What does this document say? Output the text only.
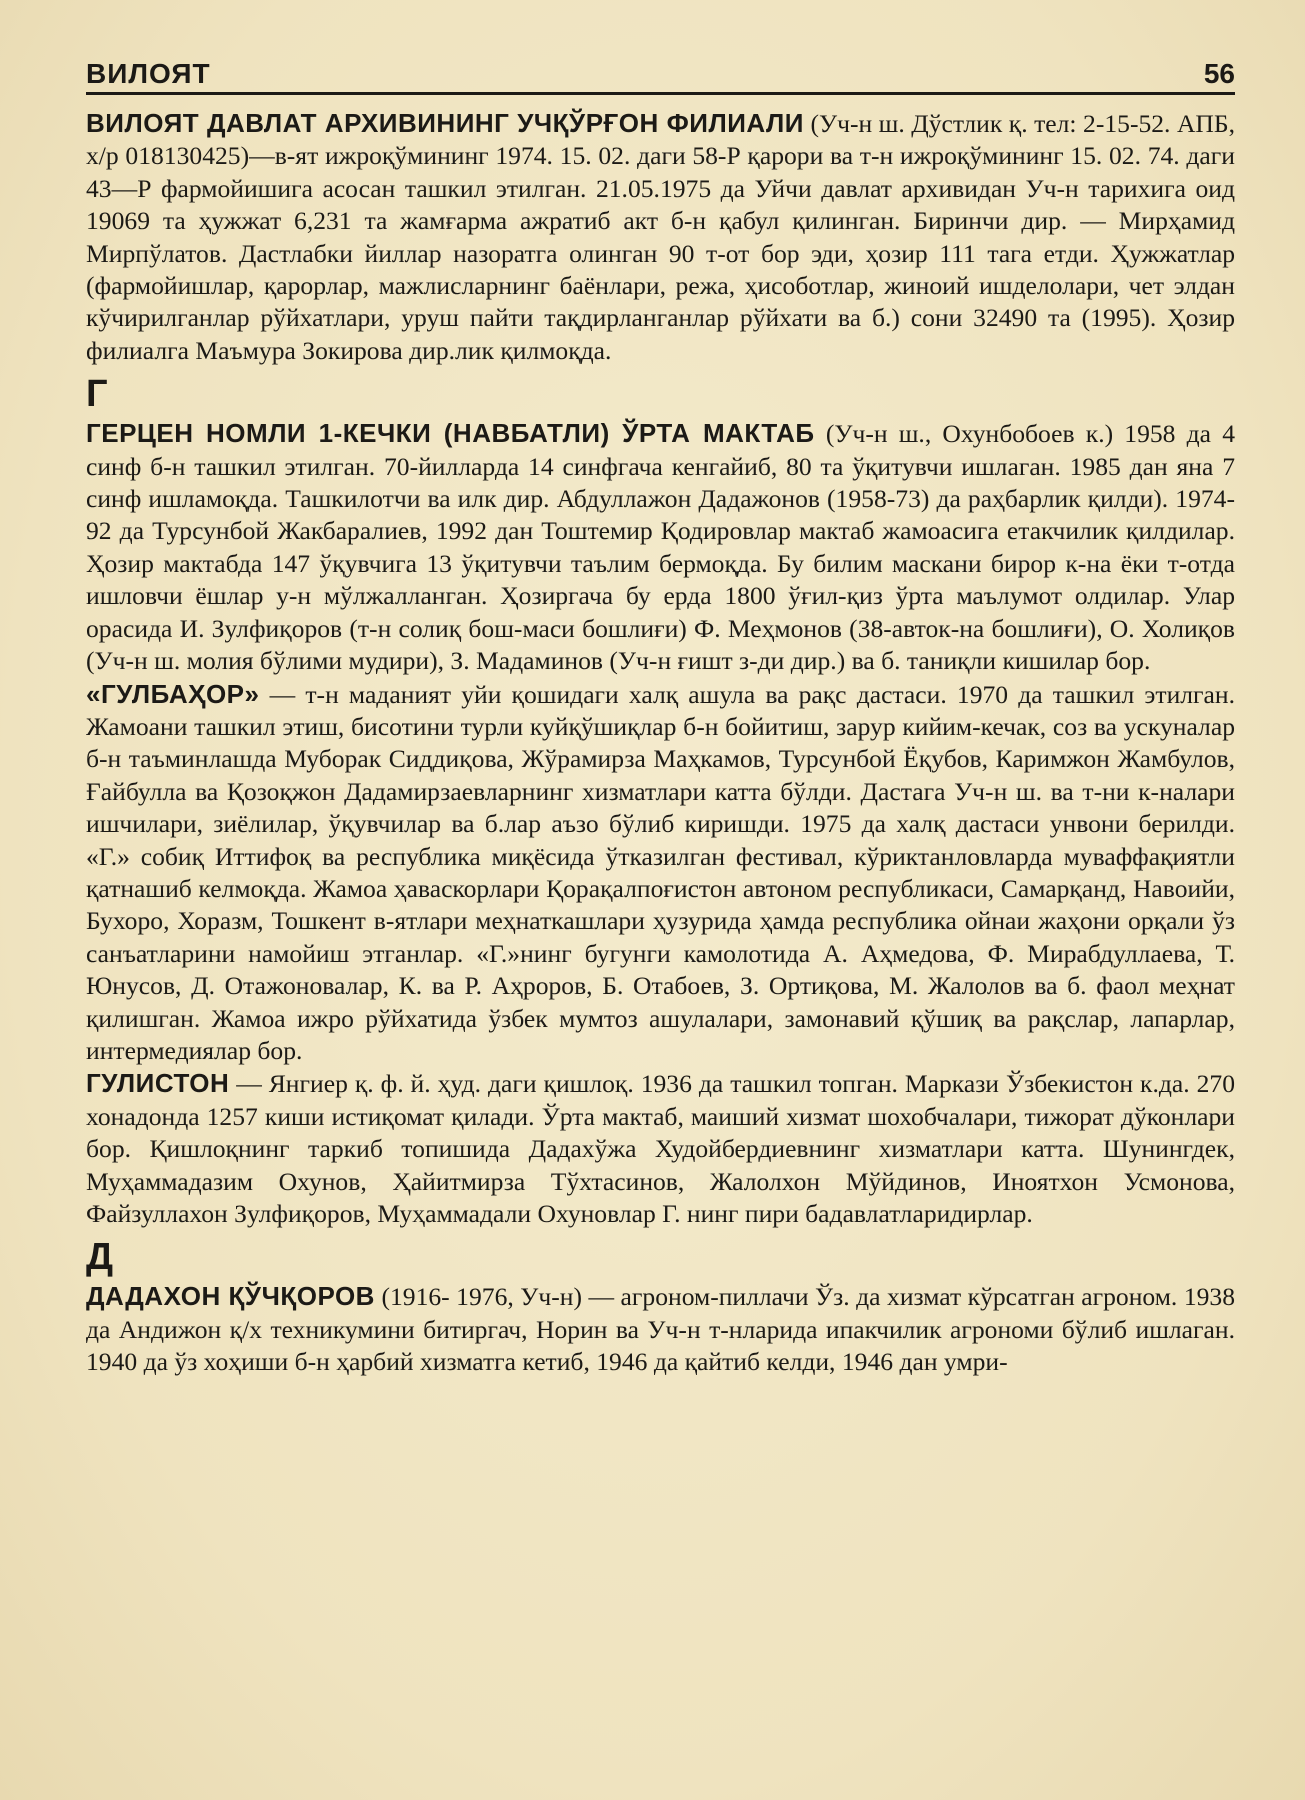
ВИЛОЯТ	56

ВИЛОЯТ ДАВЛАТ АРХИВИНИНГ УЧҚЎРҒОН ФИЛИАЛИ (Уч-н ш. Дўстлик қ. тел: 2-15-52. АПБ, х/р 018130425)—в-ят ижроқўмининг 1974. 15. 02. даги 58-Р қарори ва т-н ижроқўмининг 15. 02. 74. даги 43—Р фармойишига асосан ташкил этилган. 21.05.1975 да Уйчи давлат архивидан Уч-н тарихига оид 19069 та ҳужжат 6,231 та жамғарма ажратиб акт б-н қабул қилинган. Биринчи дир. — Мирҳамид Мирпўлатов. Дастлабки йиллар назоратга олинган 90 т-от бор эди, ҳозир 111 тага етди. Ҳужжатлар (фармойишлар, қарорлар, мажлисларнинг баёнлари, режа, ҳисоботлар, жиноий ишделолари, чет элдан кўчирилганлар рўйхатлари, уруш пайти тақдирланганлар рўйхати ва б.) сони 32490 та (1995). Ҳозир филиалга Маъмура Зокирова дир.лик қилмоқда.

Г

ГЕРЦЕН НОМЛИ 1-КЕЧКИ (НАВБАТЛИ) ЎРТА МАКТАБ (Уч-н ш., Охунбобоев к.) 1958 да 4 синф б-н ташкил этилган. 70-йилларда 14 синфгача кенгайиб, 80 та ўқитувчи ишлаган. 1985 дан яна 7 синф ишламоқда. Ташкилотчи ва илк дир. Абдуллажон Дадажонов (1958-73) да раҳбарлик қилди). 1974-92 да Турсунбой Жакбаралиев, 1992 дан Тоштемир Қодировлар мактаб жамоасига етакчилик қилдилар. Ҳозир мактабда 147 ўқувчига 13 ўқитувчи таълим бермоқда. Бу билим маскани бирор к-на ёки т-отда ишловчи ёшлар у-н мўлжалланган. Ҳозиргача бу ерда 1800 ўғил-қиз ўрта маълумот олдилар. Улар орасида И. Зулфиқоров (т-н солиқ бош-маси бошлиғи) Ф. Меҳмонов (38-авток-на бошлиғи), О. Холиқов (Уч-н ш. молия бўлими мудири), З. Мадаминов (Уч-н ғишт з-ди дир.) ва б. таниқли кишилар бор.

«ГУЛБАҲОР» — т-н маданият уйи қошидаги халқ ашула ва рақс дастаси. 1970 да ташкил этилган. Жамоани ташкил этиш, бисотини турли куйқўшиқлар б-н бойитиш, зарур кийим-кечак, соз ва ускуналар б-н таъминлашда Муборак Сиддиқова, Жўрамирза Маҳкамов, Турсунбой Ёқубов, Каримжон Жамбулов, Ғайбулла ва Қозоқжон Дадамирзаевларнинг хизматлари катта бўлди. Дастага Уч-н ш. ва т-ни к-налари ишчилари, зиёлилар, ўқувчилар ва б.лар аъзо бўлиб киришди. 1975 да халқ дастаси унвони берилди. «Г.» собиқ Иттифоқ ва республика миқёсида ўтказилган фестивал, кўриктанловларда муваффақиятли қатнашиб келмоқда. Жамоа ҳаваскорлари Қорақалпоғистон автоном республикаси, Самарқанд, Навоийи, Бухоро, Хоразм, Тошкент в-ятлари меҳнаткашлари ҳузурида ҳамда республика ойнаи жаҳони орқали ўз санъатларини намойиш этганлар. «Г.»нинг бугунги камолотида А. Аҳмедова, Ф. Мирабдуллаева, Т. Юнусов, Д. Отажоновалар, К. ва Р. Аҳроров, Б. Отабоев, З. Ортиқова, М. Жалолов ва б. фаол меҳнат қилишган. Жамоа ижро рўйхатида ўзбек мумтоз ашулалари, замонавий қўшиқ ва рақслар, лапарлар, интермедиялар бор.

ГУЛИСТОН — Янгиер қ. ф. й. ҳуд. даги қишлоқ. 1936 да ташкил топган. Маркази Ўзбекистон к.да. 270 хонадонда 1257 киши истиқомат қилади. Ўрта мактаб, маиший хизмат шохобчалари, тижорат дўконлари бор. Қишлоқнинг таркиб топишида Дадахўжа Худойбердиевнинг хизматлари катта. Шунингдек, Муҳаммадазим Охунов, Ҳайитмирза Тўхтасинов, Жалолхон Мўйдинов, Иноятхон Усмонова, Файзуллахон Зулфиқоров, Муҳаммадали Охуновлар Г. нинг пири бадавлатларидирлар.

Д

ДАДАХОН ҚЎЧҚОРОВ (1916- 1976, Уч-н) — агроном-пиллачи Ўз. да хизмат кўрсатган агроном. 1938 да Андижон қ/х техникумини битиргач, Норин ва Уч-н т-нларида ипакчилик агрономи бўлиб ишлаган. 1940 да ўз хоҳиши б-н ҳарбий хизматга кетиб, 1946 да қайтиб келди, 1946 дан умри-
